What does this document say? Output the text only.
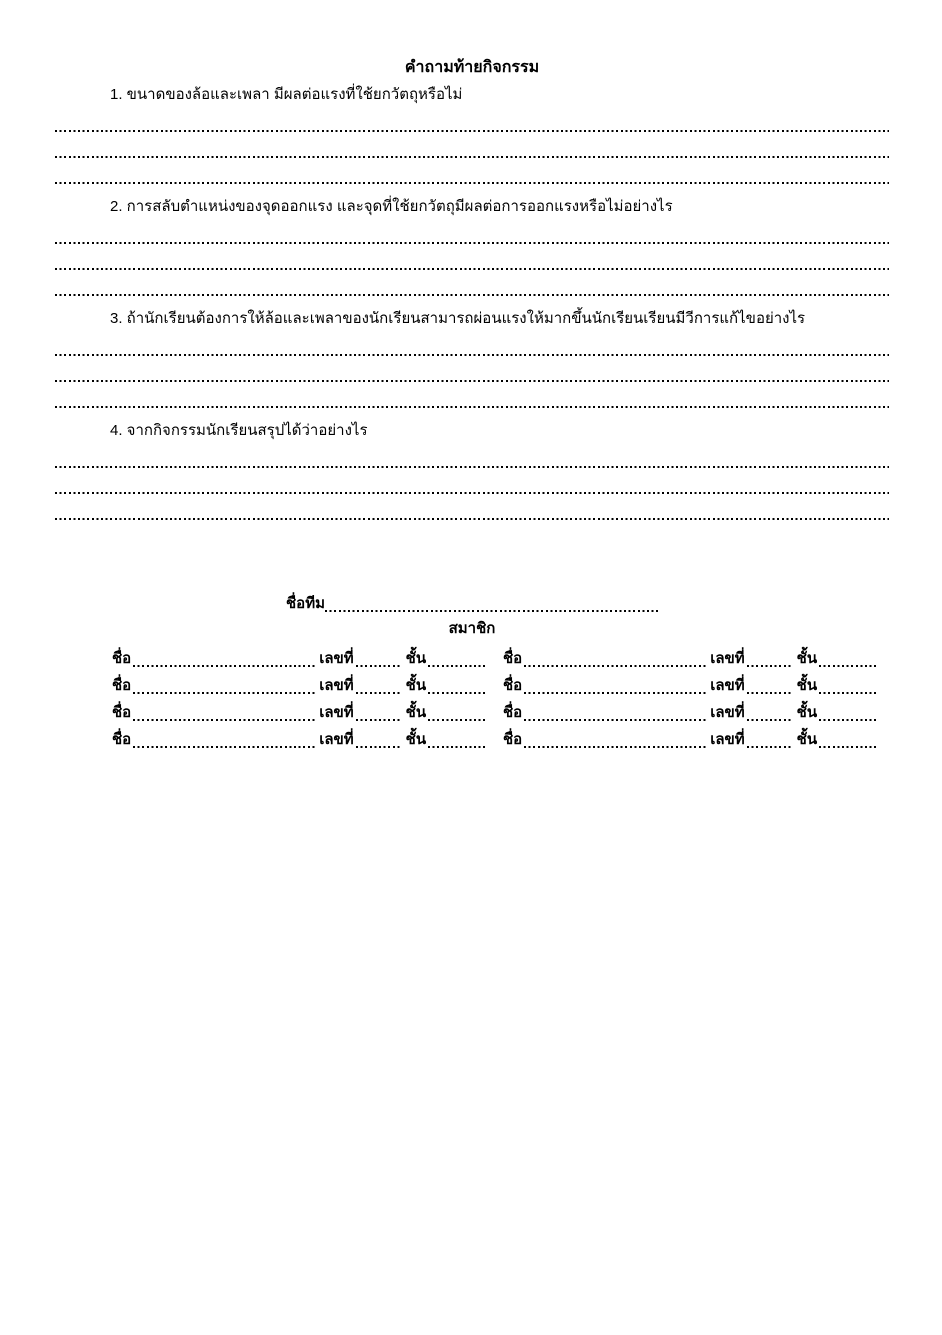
คำถามท้ายกิจกรรม

1. ขนาดของล้อและเพลา มีผลต่อแรงที่ใช้ยกวัตถุหรือไม่

2. การสลับตำแหน่งของจุดออกแรง และจุดที่ใช้ยกวัตถุมีผลต่อการออกแรงหรือไม่อย่างไร

3. ถ้านักเรียนต้องการให้ล้อและเพลาของนักเรียนสามารถผ่อนแรงให้มากขึ้นนักเรียนเรียนมีวีการแก้ไขอย่างไร

4. จากกิจกรรมนักเรียนสรุปได้ว่าอย่างไร

ชื่อทีม
สมาชิก
ชื่อ	เลขที่	ชั้น	ชื่อ	เลขที่	ชั้น
ชื่อ	เลขที่	ชั้น	ชื่อ	เลขที่	ชั้น
ชื่อ	เลขที่	ชั้น	ชื่อ	เลขที่	ชั้น
ชื่อ	เลขที่	ชั้น	ชื่อ	เลขที่	ชั้น
